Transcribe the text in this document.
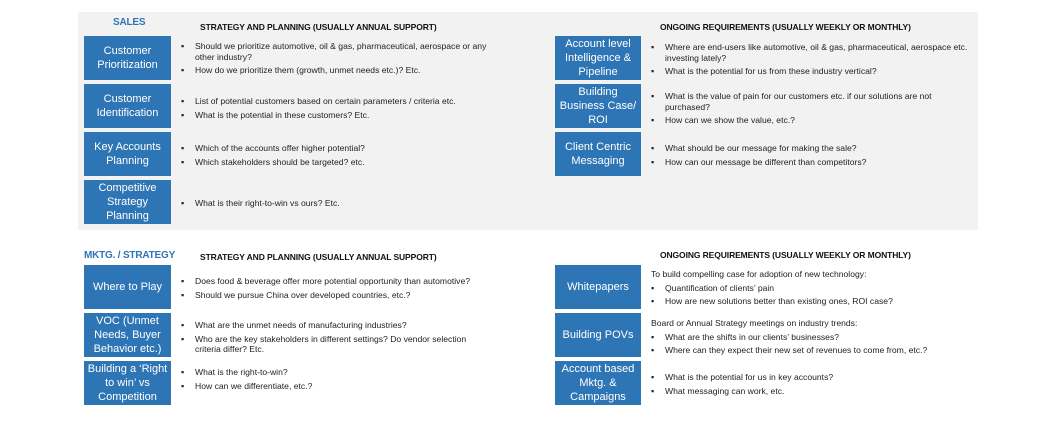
SALES	STRATEGY AND PLANNING (USUALLY ANNUAL SUPPORT)	ONGOING REQUIREMENTS (USUALLY WEEKLY OR MONTHLY)
Customer Prioritization
▪ Should we prioritize automotive, oil & gas, pharmaceutical, aerospace or any other industry?
▪ How do we prioritize them (growth, unmet needs etc.)? Etc.
Customer Identification
▪ List of potential customers based on certain parameters / criteria etc.
▪ What is the potential in these customers? Etc.
Key Accounts Planning
▪ Which of the accounts offer higher potential?
▪ Which stakeholders should be targeted? etc.
Competitive Strategy Planning
▪ What is their right-to-win vs ours? Etc.
Account level Intelligence & Pipeline
▪ Where are end-users like automotive, oil & gas, pharmaceutical, aerospace etc. investing lately?
▪ What is the potential for us from these industry vertical?
Building Business Case/ ROI
▪ What is the value of pain for our customers etc. if our solutions are not purchased?
▪ How can we show the value, etc.?
Client Centric Messaging
▪ What should be our message for making the sale?
▪ How can our message be different than competitors?
MKTG. / STRATEGY	STRATEGY AND PLANNING (USUALLY ANNUAL SUPPORT)	ONGOING REQUIREMENTS (USUALLY WEEKLY OR MONTHLY)
Where to Play
▪	Does food & beverage offer more potential opportunity than automotive?
▪ Should we pursue China over developed countries, etc.?
VOC (Unmet Needs, Buyer Behavior etc.)
▪ What are the unmet needs of manufacturing industries?
▪ Who are the key stakeholders in different settings? Do vendor selection criteria differ? Etc.
Building a ‘Right to win’ vs Competition
▪ What is the right-to-win?
▪ How can we differentiate, etc.?
Whitepapers
To build compelling case for adoption of new technology:
▪ Quantification of clients’ pain
▪ How are new solutions better than existing ones, ROI case?
Building POVs
Board or Annual Strategy meetings on industry trends:
▪ What are the shifts in our clients’ businesses?
▪ Where can they expect their new set of revenues to come from, etc.?
Account based Mktg. & Campaigns
▪ What is the potential for us in key accounts?
▪ What messaging can work, etc.
